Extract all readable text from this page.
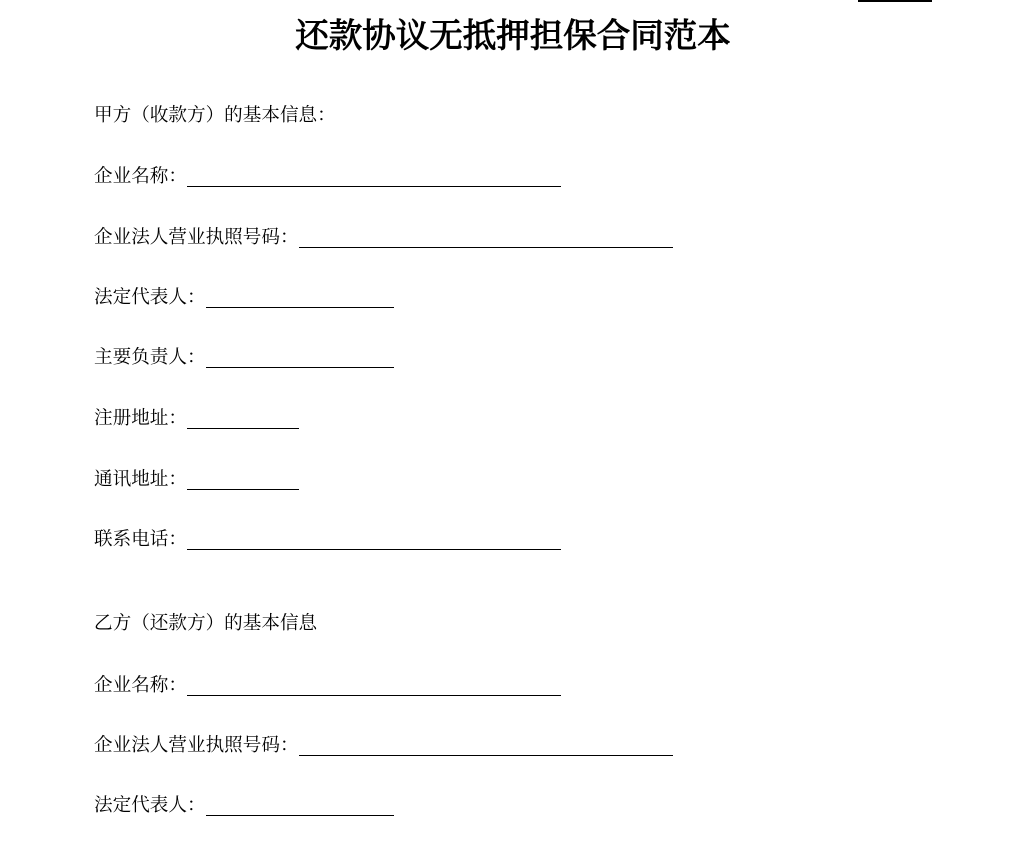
还款协议无抵押担保合同范本
甲方（收款方）的基本信息：
企业名称：
企业法人营业执照号码：
法定代表人：
主要负责人：
注册地址：
通讯地址：
联系电话：
乙方（还款方）的基本信息
企业名称：
企业法人营业执照号码：
法定代表人：
